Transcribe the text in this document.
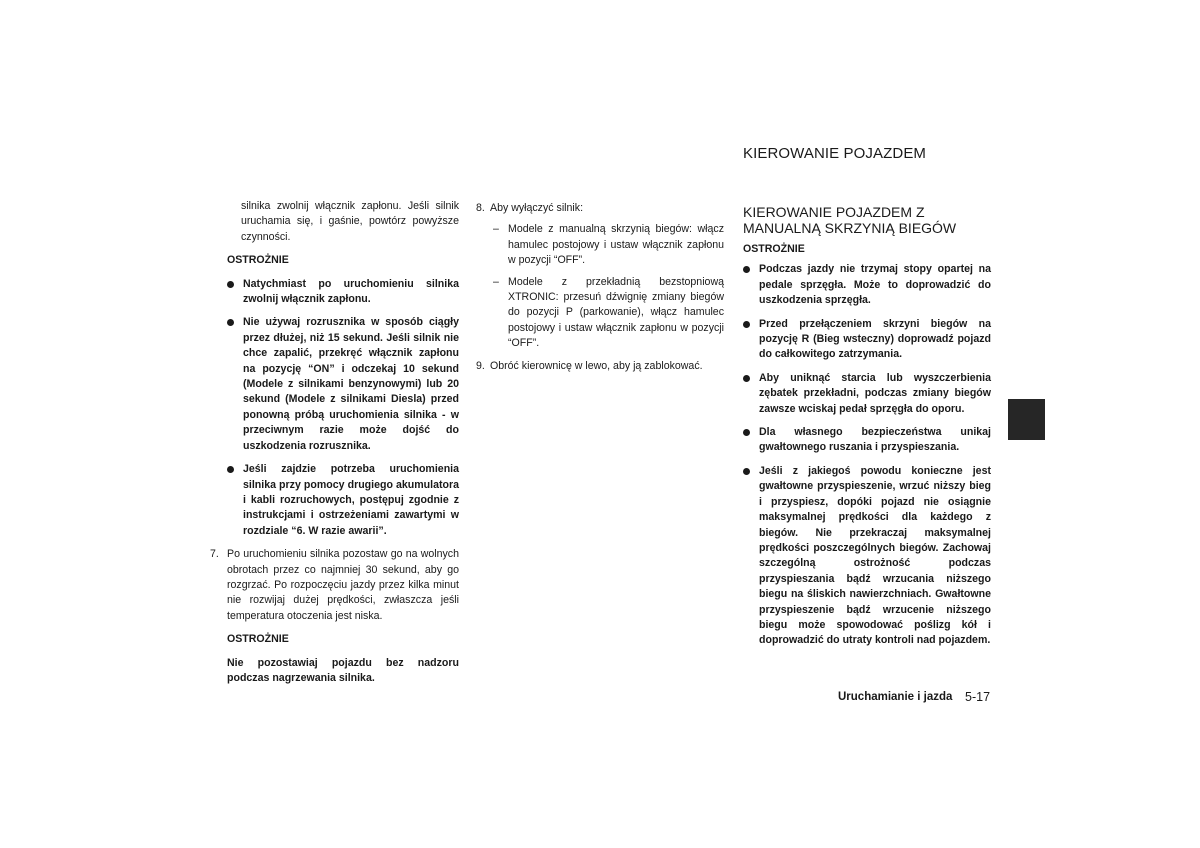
KIEROWANIE POJAZDEM

silnika zwolnij włącznik zapłonu. Jeśli silnik uruchamia się, i gaśnie, powtórz powyższe czynności.

OSTROŻNIE

Natychmiast po uruchomieniu silnika zwolnij włącznik zapłonu.
Nie używaj rozrusznika w sposób ciągły przez dłużej, niż 15 sekund. Jeśli silnik nie chce zapalić, przekręć włącznik zapłonu na pozycję “ON” i odczekaj 10 sekund (Modele z silnikami benzynowymi) lub 20 sekund (Modele z silnikami Diesla) przed ponowną próbą uruchomienia silnika - w przeciwnym razie może dojść do uszkodzenia rozrusznika.
Jeśli zajdzie potrzeba uruchomienia silnika przy pomocy drugiego akumulatora i kabli rozruchowych, postępuj zgodnie z instrukcjami i ostrzeżeniami zawartymi w rozdziale “6. W razie awarii”.
7. Po uruchomieniu silnika pozostaw go na wolnych obrotach przez co najmniej 30 sekund, aby go rozgrzać. Po rozpoczęciu jazdy przez kilka minut nie rozwijaj dużej prędkości, zwłaszcza jeśli temperatura otoczenia jest niska.

OSTROŻNIE

Nie pozostawiaj pojazdu bez nadzoru podczas nagrzewania silnika.

8. Aby wyłączyć silnik:
– Modele z manualną skrzynią biegów: włącz hamulec postojowy i ustaw włącznik zapłonu w pozycji “OFF”.
– Modele z przekładnią bezstopniową XTRONIC: przesuń dźwignię zmiany biegów do pozycji P (parkowanie), włącz hamulec postojowy i ustaw włącznik zapłonu w pozycji “OFF”.
9. Obróć kierownicę w lewo, aby ją zablokować.
KIEROWANIE POJAZDEM Z MANUALNĄ SKRZYNIĄ BIEGÓW

OSTROŻNIE

Podczas jazdy nie trzymaj stopy opartej na pedale sprzęgła. Może to doprowadzić do uszkodzenia sprzęgła.
Przed przełączeniem skrzyni biegów na pozycję R (Bieg wsteczny) doprowadź pojazd do całkowitego zatrzymania.
Aby uniknąć starcia lub wyszczerbienia zębatek przekładni, podczas zmiany biegów zawsze wciskaj pedał sprzęgła do oporu.
Dla własnego bezpieczeństwa unikaj gwałtownego ruszania i przyspieszania.
Jeśli z jakiegoś powodu konieczne jest gwałtowne przyspieszenie, wrzuć niższy bieg i przyspiesz, dopóki pojazd nie osiągnie maksymalnej prędkości dla każdego z biegów. Nie przekraczaj maksymalnej prędkości poszczególnych biegów. Zachowaj szczególną ostrożność podczas przyspieszania bądź wrzucania niższego biegu na śliskich nawierzchniach. Gwałtowne przyspieszenie bądź wrzucenie niższego biegu może spowodować poślizg kół i doprowadzić do utraty kontroli nad pojazdem.
Uruchamianie i jazda 5-17
